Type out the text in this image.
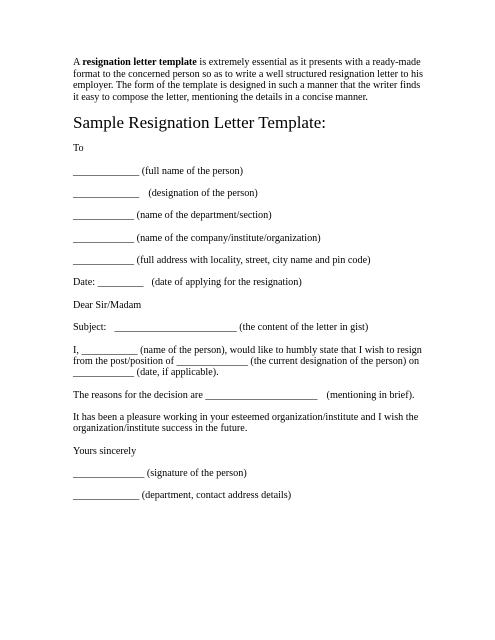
A resignation letter template is extremely essential as it presents with a ready-made format to the concerned person so as to write a well structured resignation letter to his employer. The form of the template is designed in such a manner that the writer finds it easy to compose the letter, mentioning the details in a concise manner.
Sample Resignation Letter Template:
To
_____________ (full name of the person)
_____________ (designation of the person)
____________ (name of the department/section)
____________ (name of the company/institute/organization)
____________ (full address with locality, street, city name and pin code)
Date: _________ (date of applying for the resignation)
Dear Sir/Madam
Subject: ________________________ (the content of the letter in gist)
I, ___________ (name of the person), would like to humbly state that I wish to resign
from the post/position of ______________ (the current designation of the person) on
____________ (date, if applicable).
The reasons for the decision are ______________________ (mentioning in brief).
It has been a pleasure working in your esteemed organization/institute and I wish the
organization/institute success in the future.
Yours sincerely
______________ (signature of the person)
_____________ (department, contact address details)
